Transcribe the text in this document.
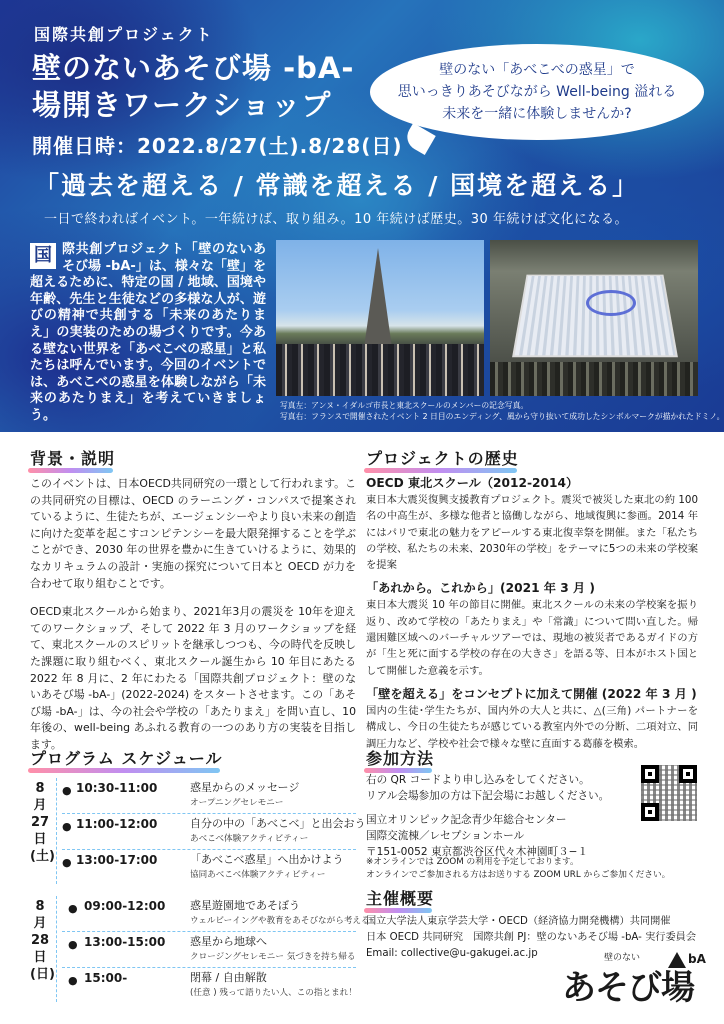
国際共創プロジェクト
壁のないあそび場 -bA-
場開きワークショップ
開催日時：2022.8/27(土).8/28(日)
壁のない「あべこべの惑星」で
思いっきりあそびながら Well-being 溢れる
未来を一緒に体験しませんか?
「過去を超える / 常識を超える / 国境を超える」
一日で終わればイベント。一年続けば、取り組み。10 年続けば歴史。30 年続けば文化になる。
国 際共創プロジェクト「壁のないあそび場 -bA-」は、様々な「壁」を超えるために、特定の国 / 地域、国境や年齢、先生と生徒などの多様な人が、遊びの精神で共創する「未来のあたりまえ」の実装のための場づくりです。今ある壁ない世界を「あべこべの惑星」と私たちは呼んでいます。今回のイベントでは、あべこべの惑星を体験しながら「未来のあたりまえ」を考えていきましょう。
写真左：アンヌ・イダルゴ市長と東北スクールのメンバーの記念写真。
写真右：フランスで開催されたイベント 2 日目のエンディング、風から守り抜いて成功したシンボルマークが描かれたドミノ。
背景・説明

このイベントは、日本OECD共同研究の一環として行われます。この共同研究の目標は、OECD のラーニング・コンパスで提案されているように、生徒たちが、エージェンシーやより良い未来の創造に向けた変革を起こすコンピテンシーを最大限発揮することを学ぶことができ、2030 年の世界を豊かに生きていけるように、効果的なカリキュラムの設計・実施の探究について日本と OECD が力を合わせて取り組むことです。

OECD東北スクールから始まり、2021年3月の震災を 10年を迎えてのワークショップ、そして 2022 年 3 月のワークショップを経て、東北スクールのスピリットを継承しつつも、今の時代を反映した課題に取り組むべく、東北スクール誕生から 10 年目にあたる 2022 年 8 月に、2 年にわたる「国際共創プロジェクト：壁のないあそび場 -bA-」(2022-2024) をスタートさせます。この「あそび場 -bA-」は、今の社会や学校の「あたりまえ」を問い直し、10年後の、well-being あふれる教育の一つのあり方の実装を目指します。

プロジェクトの歴史
OECD 東北スクール（2012-2014）
東日本大震災復興支援教育プロジェクト。震災で被災した東北の約 100 名の中高生が、多様な他者と協働しながら、地域復興に参画。2014 年にはパリで東北の魅力をアピールする東北復幸祭を開催。また「私たちの学校、私たちの未来、2030年の学校」をテーマに5つの未来の学校案を提案
「あれから。これから」(2021 年 3 月 )
東日本大震災 10 年の節目に開催。東北スクールの未来の学校案を振り返り、改めて学校の「あたりまえ」や「常識」について問い直した。帰還困難区域へのバーチャルツアーでは、現地の被災者であるガイドの方が「生と死に面する学校の存在の大きさ」を語る等、日本がホスト国として開催した意義を示す。
「壁を超える」をコンセプトに加えて開催 (2022 年 3 月 )
国内の生徒･学生たちが、国内外の大人と共に、△(三角) パートナーを構成し、今日の生徒たちが感じている教室内外での分断、二項対立、同調圧力など、学校や社会で様々な壁に直面する葛藤を模索。
プログラム スケジュール
8
月
27
日
(土)
● 10:30-11:00	惑星からのメッセージ
オープニングセレモニー
● 11:00-12:00	自分の中の「あべこべ」と出会おう
あべこべ体験アクティビティー
● 13:00-17:00	「あべこべ惑星」へ出かけよう
協同あべこべ体験アクティビティー
8
月
28
日
(日)
● 09:00-12:00 惑星遊園地であそぼう
ウェルビーイングや教育をあそびながら考える
● 13:00-15:00 惑星から地球へ
クロージングセレモニー 気づきを持ち帰る
● 15:00-	閉幕 / 自由解散
(任意 ) 残って語りたい人、この指とまれ！
参加方法
右の QR コードより申し込みをしてください。
リアル会場参加の方は下記会場にお越しください。
国立オリンピック記念青少年総合センター
国際交流棟／レセプションホール
〒151-0052 東京都渋谷区代々木神園町３−１
※オンラインでは ZOOM の利用を予定しております。
オンラインでご参加される方はお送りする ZOOM URL からご参加ください。
主催概要
国立大学法人東京学芸大学・OECD（経済協力開発機構）共同開催
日本 OECD 共同研究　国際共創 PJ：壁のないあそび場 -bA- 実行委員会
Email: collective@u-gakugei.ac.jp	壁のない	bA
あそび場
